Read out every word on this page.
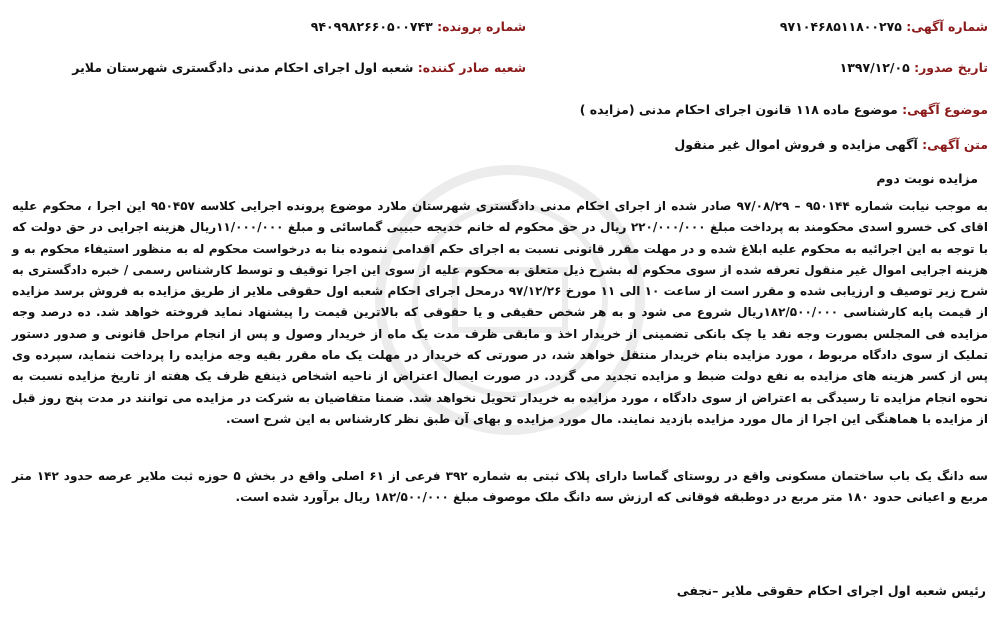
شماره آگهی: ۹۷۱۰۴۶۸۵۱۱۸۰۰۲۷۵
شماره پرونده: ۹۴۰۹۹۸۲۶۶۰۵۰۰۷۴۳
تاریخ صدور: ۱۳۹۷/۱۲/۰۵
شعبه صادر کننده: شعبه اول اجرای احکام مدنی دادگستری شهرستان ملایر
موضوع آگهی: موضوع ماده ۱۱۸ قانون اجرای احکام مدنی (مزایده )
متن آگهی: آگهی مزایده و فروش اموال غیر منقول
مزایده نوبت دوم
به موجب نیابت شماره ۹۵۰۱۴۴ – ۹۷/۰۸/۲۹ صادر شده از اجرای احکام مدنی دادگستری شهرستان ملارد موضوع پرونده اجرایی کلاسه ۹۵۰۴۵۷ این اجرا ، محکوم علیه اقای کی خسرو اسدی محکومند به پرداخت مبلغ ۲۲۰/۰۰۰/۰۰۰ ریال در حق محکوم له خانم خدیجه حبیبی گماسائی و مبلغ ۱۱/۰۰۰/۰۰۰ریال هزینه اجرایی در حق دولت که با توجه به این اجرائیه به محکوم علیه ابلاغ شده و در مهلت مقرر قانونی نسبت به اجرای حکم اقدامی ننموده بنا به درخواست محکوم له به منظور استیفاء محکوم به و هزینه اجرایی اموال غیر منقول تعرفه شده از سوی محکوم له بشرح ذیل متعلق به محکوم علیه از سوی این اجرا توقیف و توسط کارشناس رسمی / خبره دادگستری به شرح زیر توصیف و ارزیابی شده و مقرر است از ساعت ۱۰ الی ۱۱ مورخ ۹۷/۱۲/۲۶ درمحل اجرای احکام شعبه اول حقوقی ملایر از طریق مزایده به فروش برسد مزایده از قیمت پایه کارشناسی ۱۸۲/۵۰۰/۰۰۰ریال شروع می شود و به هر شخص حقیقی و یا حقوقی که بالاترین قیمت را پیشنهاد نماید فروخته خواهد شد. ده درصد وجه مزایده فی المجلس بصورت وجه نقد یا چک بانکی تضمینی از خریدار اخذ و مابقی ظرف مدت یک ماه از خریدار وصول و پس از انجام مراحل قانونی و صدور دستور تملیک از سوی دادگاه مربوط ، مورد مزایده بنام خریدار منتقل خواهد شد، در صورتی که خریدار در مهلت یک ماه مقرر بقیه وجه مزایده را پرداخت ننماید، سپرده وی پس از کسر هزینه های مزایده به نفع دولت ضبط و مزایده تجدید می گردد. در صورت ایصال اعتراض از ناحیه اشخاص ذینفع ظرف یک هفته از تاریخ مزایده نسبت به نحوه انجام مزایده تا رسیدگی به اعتراض از سوی دادگاه ، مورد مزایده به خریدار تحویل نخواهد شد. ضمنا متقاضیان به شرکت در مزایده می توانند در مدت پنج روز قبل از مزایده با هماهنگی این اجرا از مال مورد مزایده بازدید نمایند. مال مورد مزایده و بهای آن طبق نظر کارشناس به این شرح است.
سه دانگ یک باب ساختمان مسکونی واقع در روستای گماسا دارای پلاک ثبتی به شماره ۳۹۲ فرعی از ۶۱ اصلی واقع در بخش ۵ حوزه ثبت ملایر عرصه حدود ۱۴۲ متر مربع و اعیانی حدود ۱۸۰ متر مربع در دوطبقه فوقانی که ارزش سه دانگ ملک موصوف مبلغ ۱۸۲/۵۰۰/۰۰۰ ریال برآورد شده است.
رئیس شعبه اول اجرای احکام حقوقی ملایر –نجفی
